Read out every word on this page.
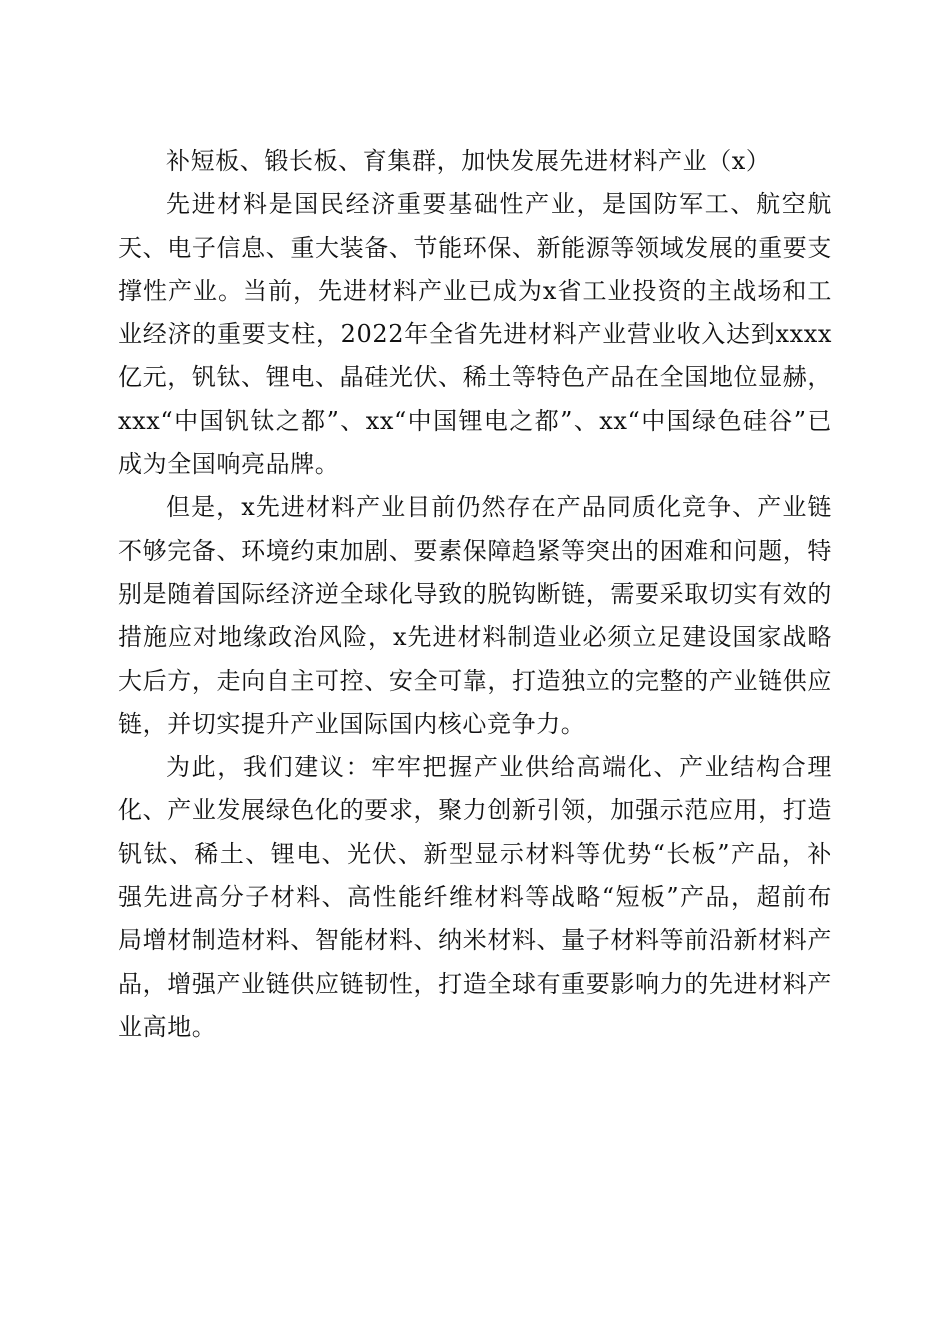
补短板、锻长板、育集群，加快发展先进材料产业（x）

先进材料是国民经济重要基础性产业，是国防军工、航空航天、电子信息、重大装备、节能环保、新能源等领域发展的重要支撑性产业。当前，先进材料产业已成为x省工业投资的主战场和工业经济的重要支柱，2022年全省先进材料产业营业收入达到xxxx亿元，钒钛、锂电、晶硅光伏、稀土等特色产品在全国地位显赫，xxx“中国钒钛之都”、xx“中国锂电之都”、xx“中国绿色硅谷”已成为全国响亮品牌。

但是，x先进材料产业目前仍然存在产品同质化竞争、产业链不够完备、环境约束加剧、要素保障趋紧等突出的困难和问题，特别是随着国际经济逆全球化导致的脱钩断链，需要采取切实有效的措施应对地缘政治风险，x先进材料制造业必须立足建设国家战略大后方，走向自主可控、安全可靠，打造独立的完整的产业链供应链，并切实提升产业国际国内核心竞争力。

为此，我们建议：牢牢把握产业供给高端化、产业结构合理化、产业发展绿色化的要求，聚力创新引领，加强示范应用，打造钒钛、稀土、锂电、光伏、新型显示材料等优势“长板”产品，补强先进高分子材料、高性能纤维材料等战略“短板”产品，超前布局增材制造材料、智能材料、纳米材料、量子材料等前沿新材料产品，增强产业链供应链韧性，打造全球有重要影响力的先进材料产业高地。
